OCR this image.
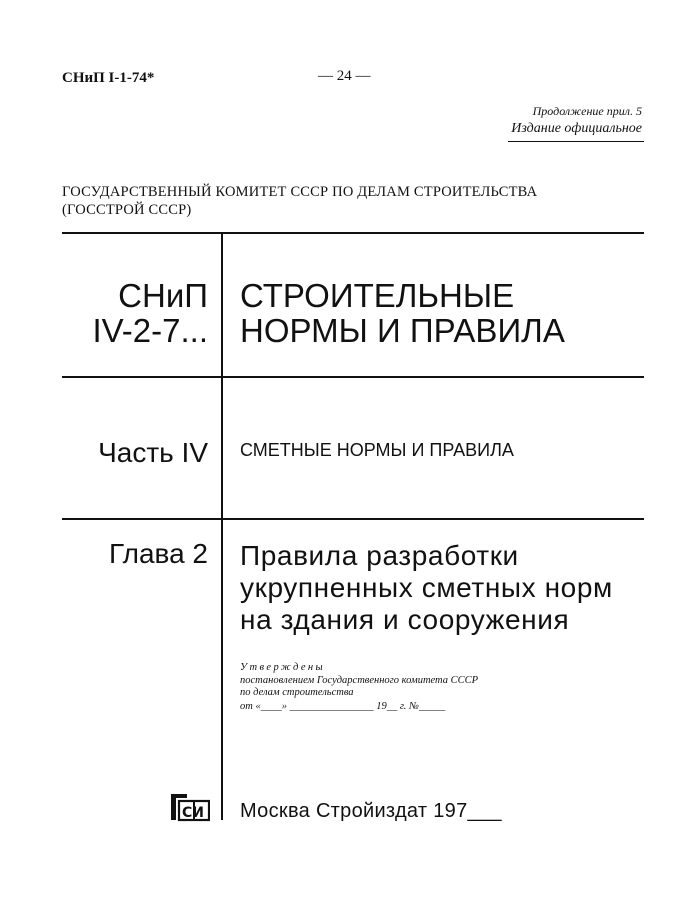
СНиП I-1-74*	— 24 —
Продолжение прил. 5
Издание официальное
ГОСУДАРСТВЕННЫЙ КОМИТЕТ СССР ПО ДЕЛАМ СТРОИТЕЛЬСТВА
(ГОССТРОЙ СССР)
СНиП
IV-2-7...
СТРОИТЕЛЬНЫЕ
НОРМЫ И ПРАВИЛА
Часть IV СМЕТНЫЕ НОРМЫ И ПРАВИЛА
Глава 2 Правила разработки
укрупненных сметных норм
на здания и сооружения
Утверждены
постановлением Государственного комитета СССР
по делам строительства
от «____» ________________ 19__ г. №_____
СИ Москва Стройиздат 197___
